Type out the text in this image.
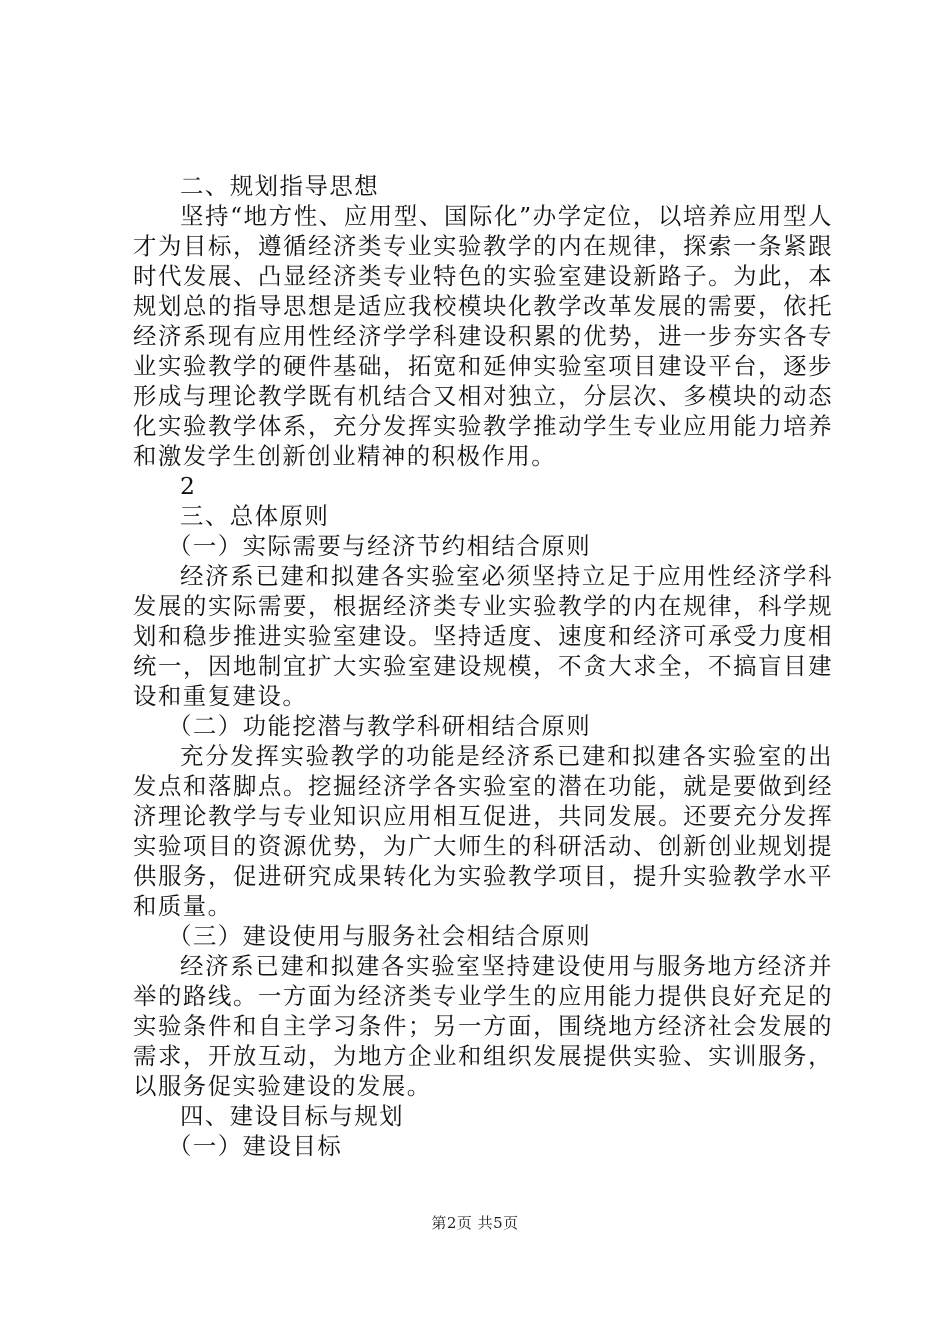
二、规划指导思想

坚持“地方性、应用型、国际化”办学定位，以培养应用型人才为目标，遵循经济类专业实验教学的内在规律，探索一条紧跟时代发展、凸显经济类专业特色的实验室建设新路子。为此，本规划总的指导思想是适应我校模块化教学改革发展的需要，依托经济系现有应用性经济学学科建设积累的优势，进一步夯实各专业实验教学的硬件基础，拓宽和延伸实验室项目建设平台，逐步形成与理论教学既有机结合又相对独立，分层次、多模块的动态化实验教学体系，充分发挥实验教学推动学生专业应用能力培养和激发学生创新创业精神的积极作用。

2

三、总体原则

（一）实际需要与经济节约相结合原则

经济系已建和拟建各实验室必须坚持立足于应用性经济学科发展的实际需要，根据经济类专业实验教学的内在规律，科学规划和稳步推进实验室建设。坚持适度、速度和经济可承受力度相统一，因地制宜扩大实验室建设规模，不贪大求全，不搞盲目建设和重复建设。

（二）功能挖潜与教学科研相结合原则

充分发挥实验教学的功能是经济系已建和拟建各实验室的出发点和落脚点。挖掘经济学各实验室的潜在功能，就是要做到经济理论教学与专业知识应用相互促进，共同发展。还要充分发挥实验项目的资源优势，为广大师生的科研活动、创新创业规划提供服务，促进研究成果转化为实验教学项目，提升实验教学水平和质量。

（三）建设使用与服务社会相结合原则

经济系已建和拟建各实验室坚持建设使用与服务地方经济并举的路线。一方面为经济类专业学生的应用能力提供良好充足的实验条件和自主学习条件；另一方面，围绕地方经济社会发展的需求，开放互动，为地方企业和组织发展提供实验、实训服务，以服务促实验建设的发展。

四、建设目标与规划

（一）建设目标

第2页 共5页
